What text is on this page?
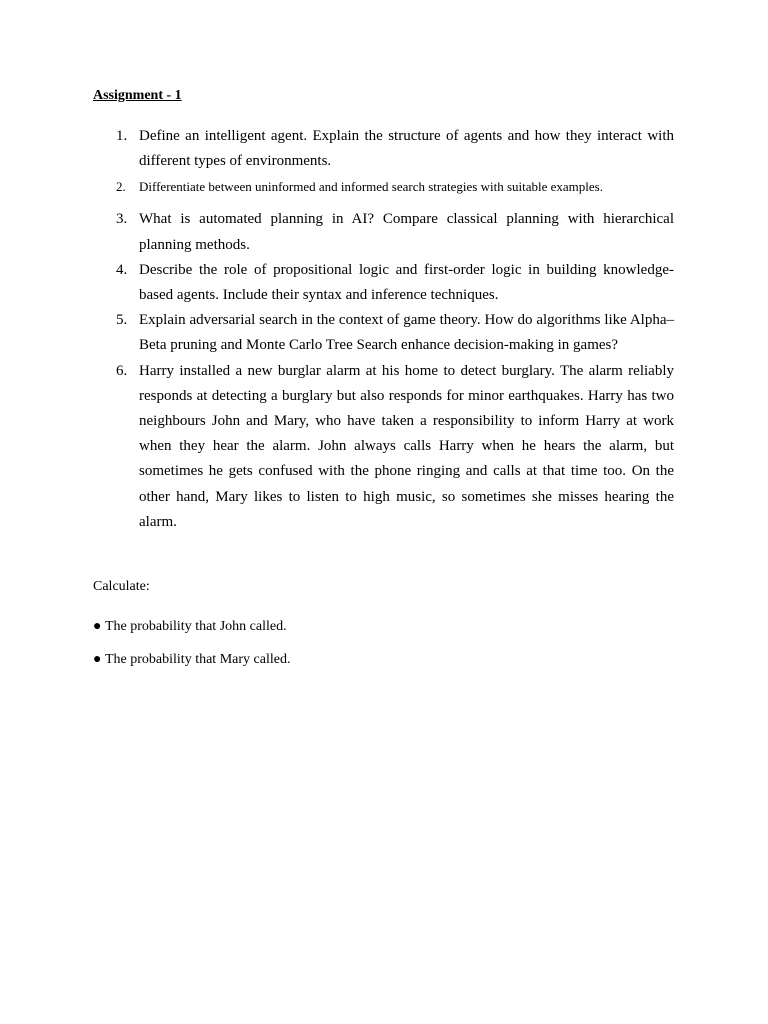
Assignment - 1
1. Define an intelligent agent. Explain the structure of agents and how they interact with different types of environments.
2. Differentiate between uninformed and informed search strategies with suitable examples.
3. What is automated planning in AI? Compare classical planning with hierarchical planning methods.
4. Describe the role of propositional logic and first-order logic in building knowledge-based agents. Include their syntax and inference techniques.
5. Explain adversarial search in the context of game theory. How do algorithms like Alpha–Beta pruning and Monte Carlo Tree Search enhance decision-making in games?
6. Harry installed a new burglar alarm at his home to detect burglary. The alarm reliably responds at detecting a burglary but also responds for minor earthquakes. Harry has two neighbours John and Mary, who have taken a responsibility to inform Harry at work when they hear the alarm. John always calls Harry when he hears the alarm, but sometimes he gets confused with the phone ringing and calls at that time too. On the other hand, Mary likes to listen to high music, so sometimes she misses hearing the alarm.
Calculate:
● The probability that John called.
● The probability that Mary called.
